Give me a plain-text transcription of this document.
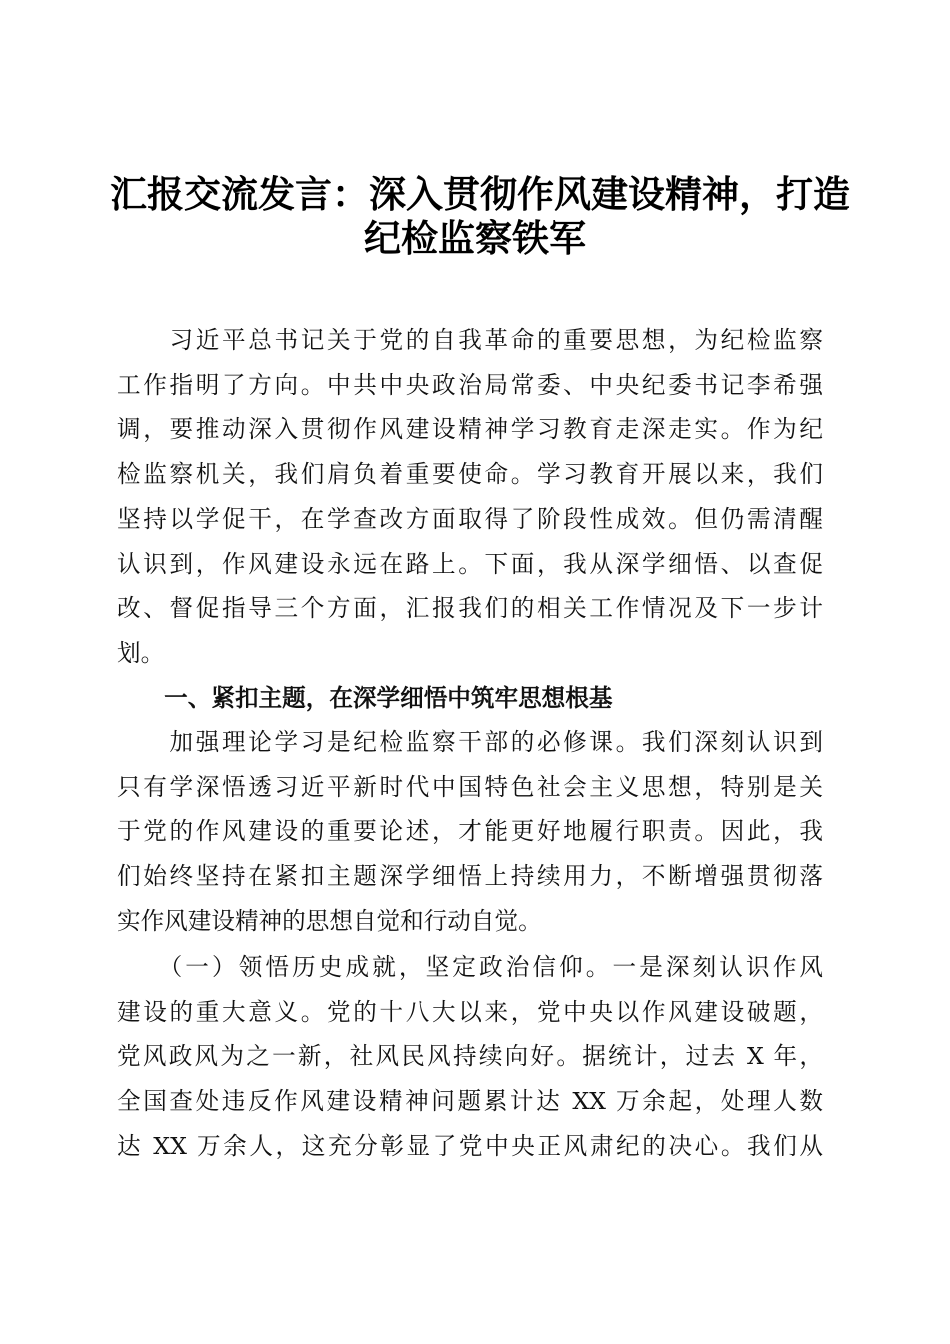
汇报交流发言：深入贯彻作风建设精神，打造
纪检监察铁军
　　习近平总书记关于党的自我革命的重要思想，为纪检监察
工作指明了方向。中共中央政治局常委、中央纪委书记李希强
调，要推动深入贯彻作风建设精神学习教育走深走实。作为纪
检监察机关，我们肩负着重要使命。学习教育开展以来，我们
坚持以学促干，在学查改方面取得了阶段性成效。但仍需清醒
认识到，作风建设永远在路上。下面，我从深学细悟、以查促
改、督促指导三个方面，汇报我们的相关工作情况及下一步计
划。
　　一、紧扣主题，在深学细悟中筑牢思想根基
　　加强理论学习是纪检监察干部的必修课。我们深刻认识到
只有学深悟透习近平新时代中国特色社会主义思想，特别是关
于党的作风建设的重要论述，才能更好地履行职责。因此，我
们始终坚持在紧扣主题深学细悟上持续用力，不断增强贯彻落
实作风建设精神的思想自觉和行动自觉。
　　（一）领悟历史成就，坚定政治信仰。一是深刻认识作风
建设的重大意义。党的十八大以来，党中央以作风建设破题，
党风政风为之一新，社风民风持续向好。据统计，过去 X 年，
全国查处违反作风建设精神问题累计达 XX 万余起，处理人数
达 XX 万余人，这充分彰显了党中央正风肃纪的决心。我们从
